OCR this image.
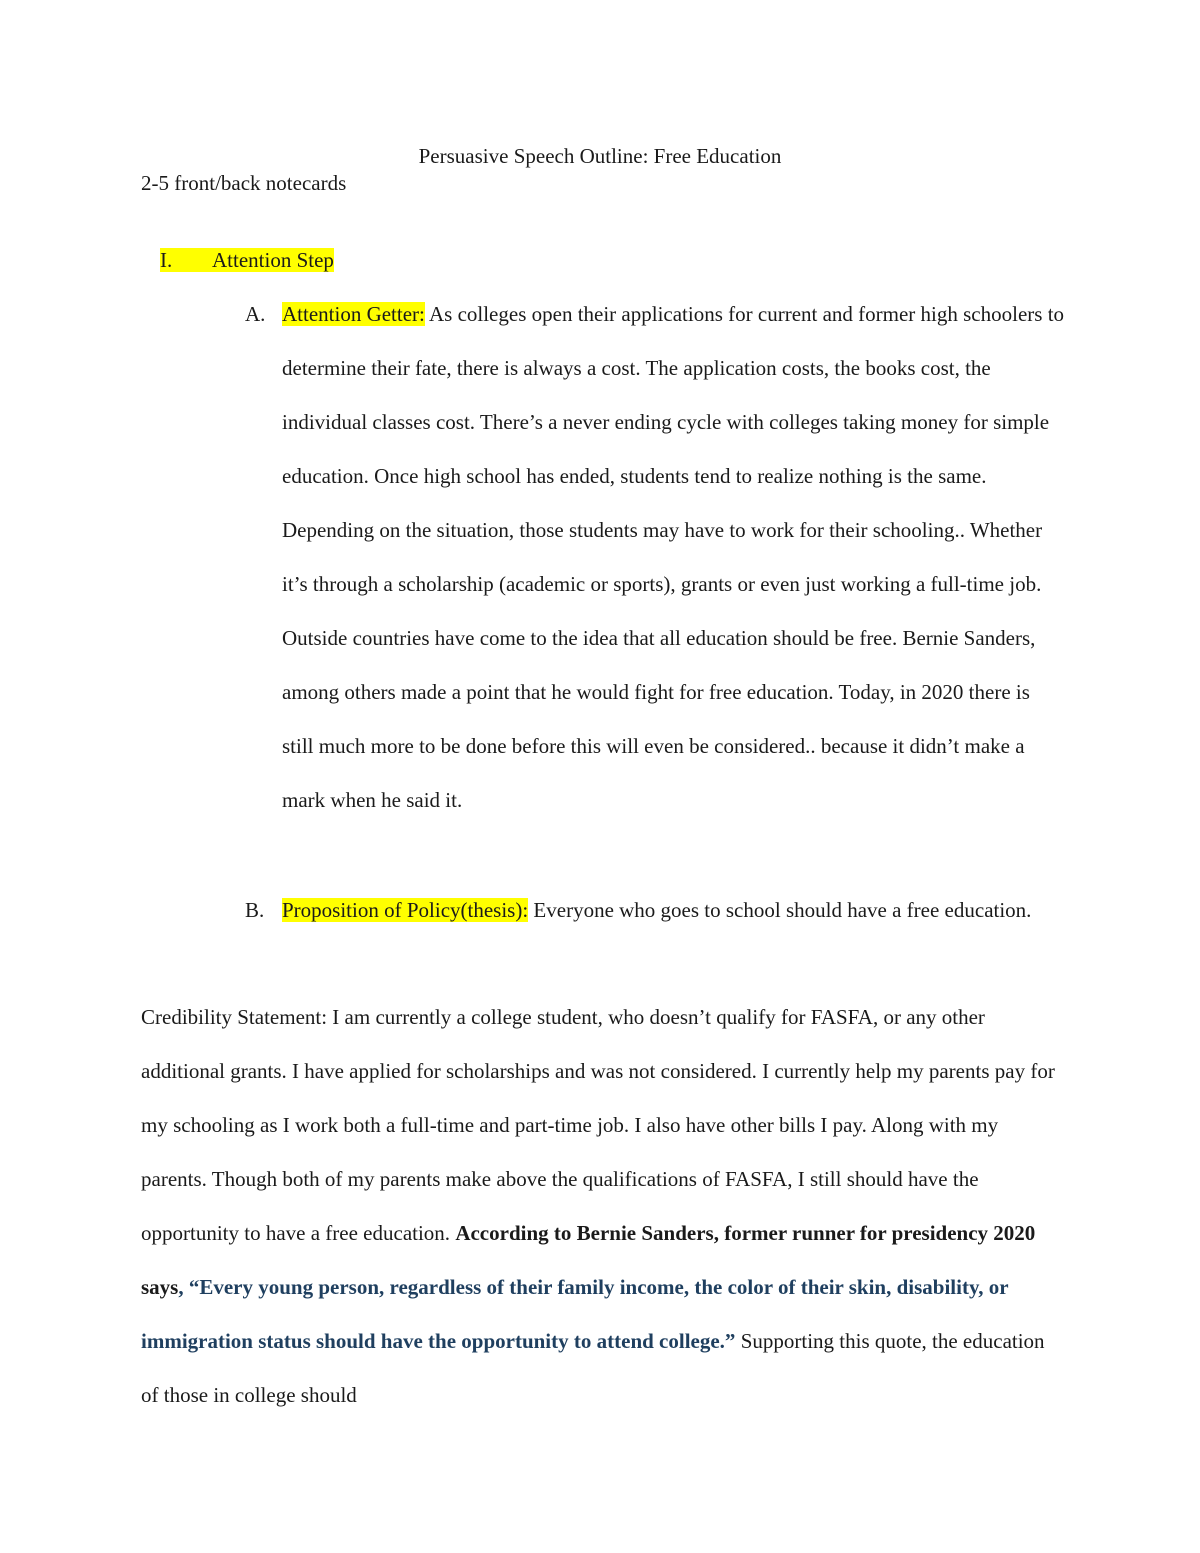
Persuasive Speech Outline: Free Education
2-5 front/back notecards
I. Attention Step
A. Attention Getter: As colleges open their applications for current and former high schoolers to determine their fate, there is always a cost. The application costs, the books cost, the individual classes cost. There’s a never ending cycle with colleges taking money for simple education. Once high school has ended, students tend to realize nothing is the same. Depending on the situation, those students may have to work for their schooling.. Whether it’s through a scholarship (academic or sports), grants or even just working a full-time job. Outside countries have come to the idea that all education should be free. Bernie Sanders, among others made a point that he would fight for free education. Today, in 2020 there is still much more to be done before this will even be considered.. because it didn’t make a mark when he said it.
B. Proposition of Policy(thesis): Everyone who goes to school should have a free education.
Credibility Statement: I am currently a college student, who doesn’t qualify for FASFA, or any other additional grants. I have applied for scholarships and was not considered. I currently help my parents pay for my schooling as I work both a full-time and part-time job. I also have other bills I pay. Along with my parents. Though both of my parents make above the qualifications of FASFA, I still should have the opportunity to have a free education. According to Bernie Sanders, former runner for presidency 2020 says, “Every young person, regardless of their family income, the color of their skin, disability, or immigration status should have the opportunity to attend college.” Supporting this quote, the education of those in college should
